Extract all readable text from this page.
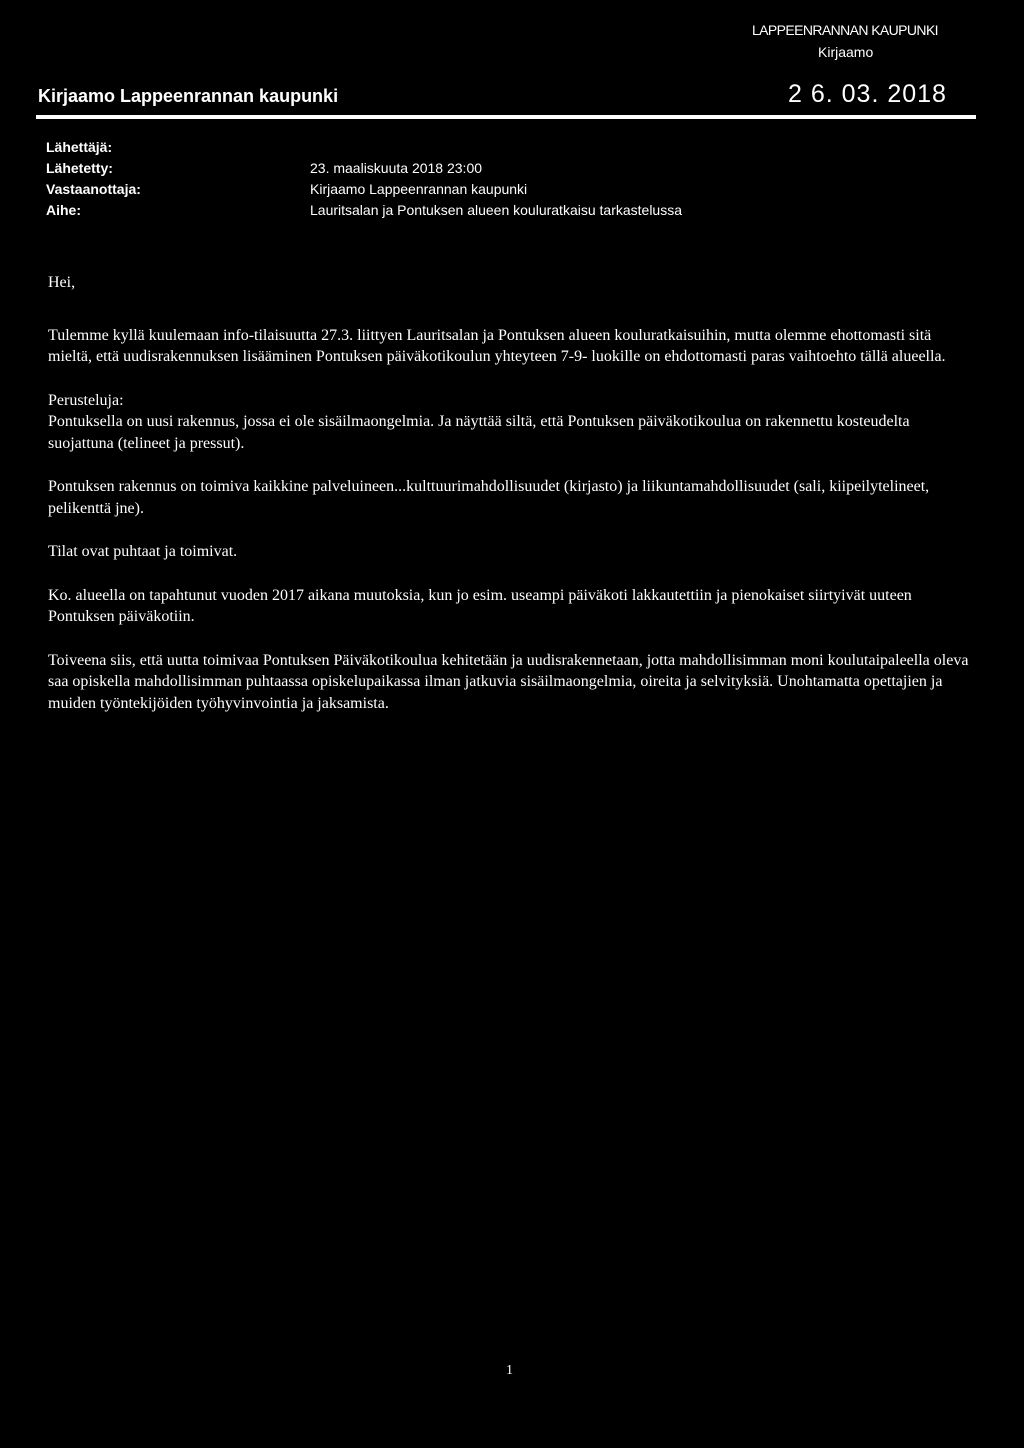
LAPPEENRANNAN KAUPUNKI
Kirjaamo
2 6. 03. 2018
Kirjaamo Lappeenrannan kaupunki
Lähettäjä:
Lähetetty:	23. maaliskuuta 2018 23:00
Vastaanottaja:	Kirjaamo Lappeenrannan kaupunki
Aihe:	Lauritsalan ja Pontuksen alueen kouluratkaisu tarkastelussa

Hei,

Tulemme kyllä kuulemaan info-tilaisuutta 27.3. liittyen Lauritsalan ja Pontuksen alueen kouluratkaisuihin, mutta olemme ehottomasti sitä mieltä, että uudisrakennuksen lisääminen Pontuksen päiväkotikoulun yhteyteen 7-9- luokille on ehdottomasti paras vaihtoehto tällä alueella.

Perusteluja:

Pontuksella on uusi rakennus, jossa ei ole sisäilmaongelmia. Ja näyttää siltä, että Pontuksen päiväkotikoulua on rakennettu kosteudelta suojattuna (telineet ja pressut).

Pontuksen rakennus on toimiva kaikkine palveluineen...kulttuurimahdollisuudet (kirjasto) ja liikuntamahdollisuudet (sali, kiipeilytelineet, pelikenttä jne).

Tilat ovat puhtaat ja toimivat.

Ko. alueella on tapahtunut vuoden 2017 aikana muutoksia, kun jo esim. useampi päiväkoti lakkautettiin ja pienokaiset siirtyivät uuteen Pontuksen päiväkotiin.

Toiveena siis, että uutta toimivaa Pontuksen Päiväkotikoulua kehitetään ja uudisrakennetaan, jotta mahdollisimman moni koulutaipaleella oleva saa opiskella mahdollisimman puhtaassa opiskelupaikassa ilman jatkuvia sisäilmaongelmia, oireita ja selvityksiä. Unohtamatta opettajien ja muiden työntekijöiden työhyvinvointia ja jaksamista.

1
